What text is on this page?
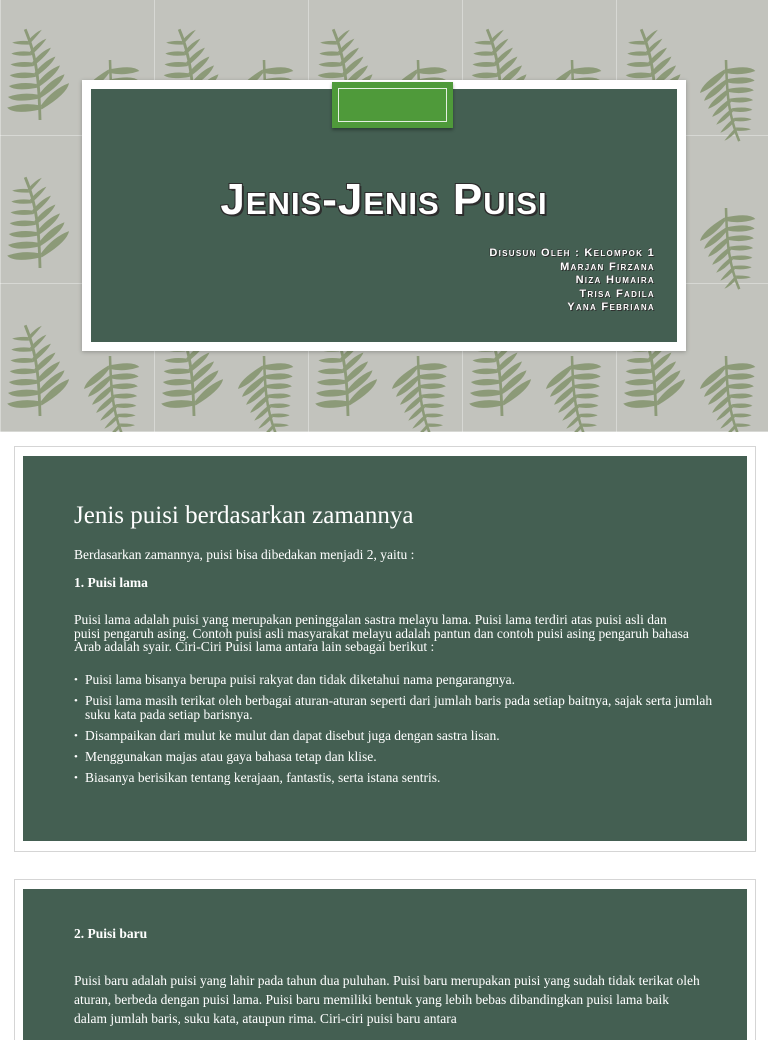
Jenis-Jenis Puisi
Disusun Oleh : Kelompok 1
Marjan Firzana
Niza Humaira
Trisa Fadila
Yana Febriana
Jenis puisi berdasarkan zamannya

Berdasarkan zamannya, puisi bisa dibedakan menjadi 2, yaitu :

1. Puisi lama

Puisi lama adalah puisi yang merupakan peninggalan sastra melayu lama. Puisi lama terdiri atas puisi asli dan puisi pengaruh asing. Contoh puisi asli masyarakat melayu adalah pantun dan contoh puisi asing pengaruh bahasa Arab adalah syair. Ciri-Ciri Puisi lama antara lain sebagai berikut :

• Puisi lama bisanya berupa puisi rakyat dan tidak diketahui nama pengarangnya.
• Puisi lama masih terikat oleh berbagai aturan-aturan seperti dari jumlah baris pada setiap baitnya, sajak serta jumlah suku kata pada setiap barisnya.
• Disampaikan dari mulut ke mulut dan dapat disebut juga dengan sastra lisan.
• Menggunakan majas atau gaya bahasa tetap dan klise.
• Biasanya berisikan tentang kerajaan, fantastis, serta istana sentris.

2. Puisi baru

Puisi baru adalah puisi yang lahir pada tahun dua puluhan. Puisi baru merupakan puisi yang sudah tidak terikat oleh aturan, berbeda dengan puisi lama. Puisi baru memiliki bentuk yang lebih bebas dibandingkan puisi lama baik dalam jumlah baris, suku kata, ataupun rima. Ciri-ciri puisi baru antara
